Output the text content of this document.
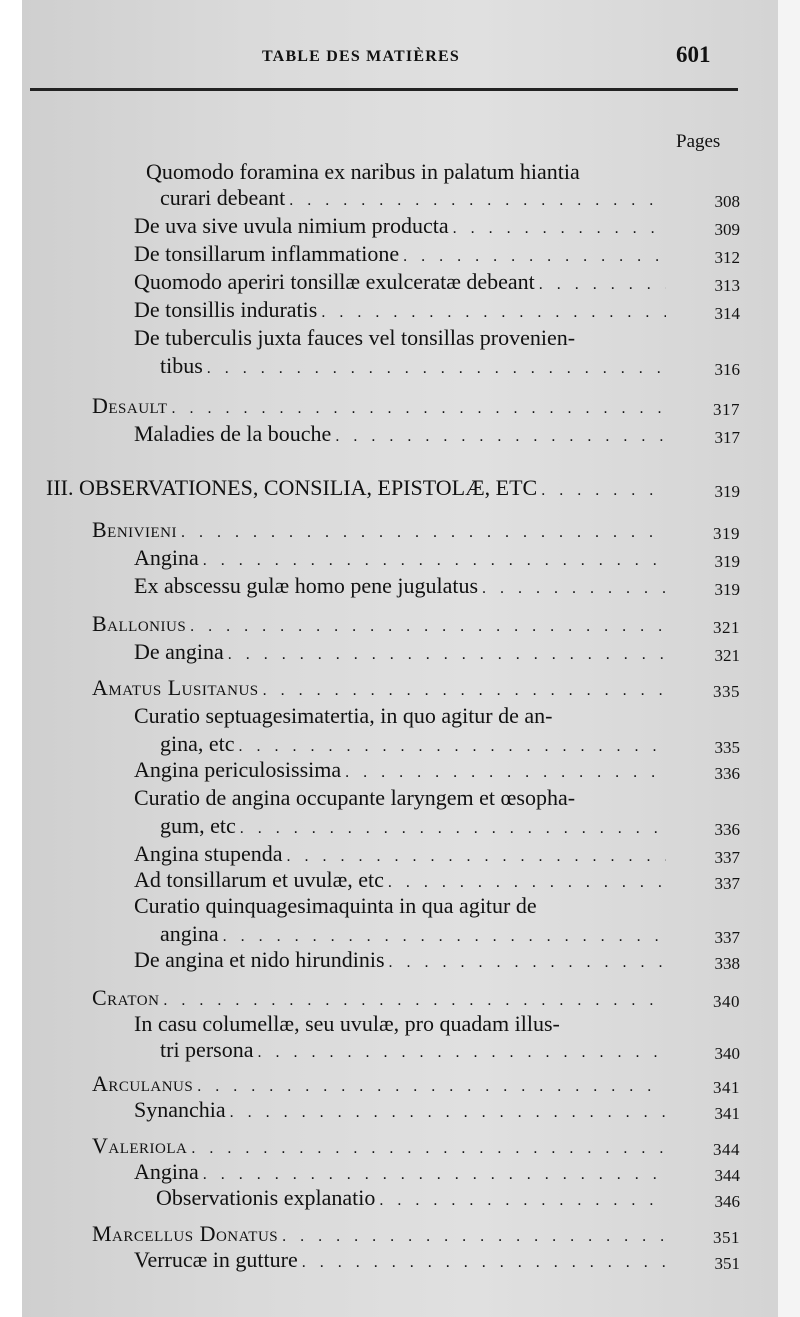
TABLE DES MATIÈRES	601
Pages
Quomodo foramina ex naribus in palatum hiantia
curari debeant . . .	308
De uva sive uvula nimium producta . . .	309
De tonsillarum inflammatione . . .	312
Quomodo aperiri tonsillæ exulceratæ debeant . . .	313
De tonsillis induratis . . .	314
De tuberculis juxta fauces vel tonsillas provenien-
tibus . . .	316
Desault . . .	317
Maladies de la bouche . . .	317
III. OBSERVATIONES, CONSILIA, EPISTOLÆ, ETC . . .	319
Benivieni . . .	319
Angina . . .	319
Ex abscessu gulæ homo pene jugulatus . . .	319
Ballonius . . .	321
De angina . . .	321
Amatus Lusitanus . . .	335
Curatio septuagesimatertia, in quo agitur de an-
gina, etc . . .	335
Angina periculosissima . . .	336
Curatio de angina occupante laryngem et œsopha-
gum, etc . . .	336
Angina stupenda . . .	337
Ad tonsillarum et uvulæ, etc . . .	337
Curatio quinquagesimaquinta in qua agitur de
angina . . .	337
De angina et nido hirundinis . . .	338
Craton . . .	340
In casu columellæ, seu uvulæ, pro quadam illus-
tri persona . . .	340
Arculanus . . .	341
Synanchia . . .	341
Valeriola . . .	344
Angina . . .	344
Observationis explanatio . . .	346
Marcellus Donatus . . .	351
Verrucæ in gutture . . .	351
